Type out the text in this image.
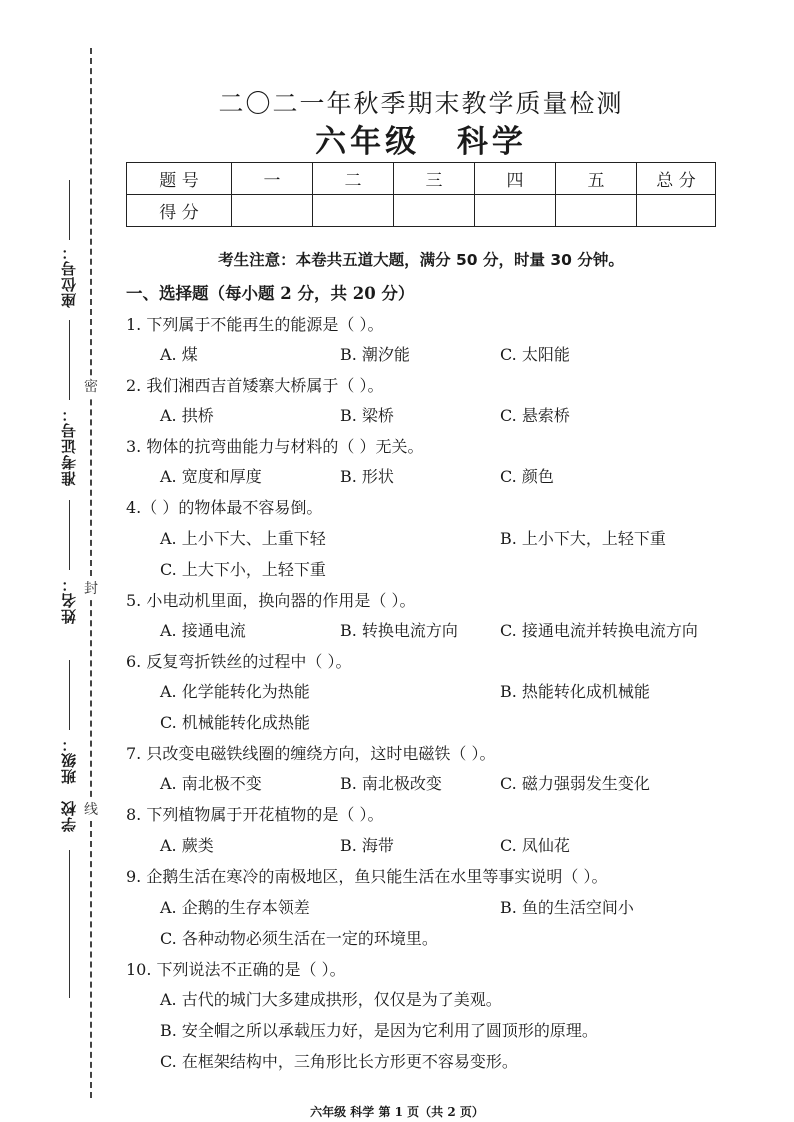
密
封
线
座位号：
准考证号：
姓名：
班级：
学校
二〇二一年秋季期末教学质量检测
六年级 科学
题 号	一	二	三	四	五	总 分
得 分						
考生注意：本卷共五道大题，满分 50 分，时量 30 分钟。
一、选择题（每小题 2 分，共 20 分）
1. 下列属于不能再生的能源是（ ）。
A. 煤	B. 潮汐能	C. 太阳能
2. 我们湘西吉首矮寨大桥属于（ ）。
A. 拱桥	B. 梁桥	C. 悬索桥
3. 物体的抗弯曲能力与材料的（ ）无关。
A. 宽度和厚度	B. 形状	C. 颜色
4.（ ）的物体最不容易倒。
A. 上小下大、上重下轻	B. 上小下大，上轻下重
C. 上大下小，上轻下重
5. 小电动机里面，换向器的作用是（ ）。
A. 接通电流	B. 转换电流方向	C. 接通电流并转换电流方向
6. 反复弯折铁丝的过程中（ ）。
A. 化学能转化为热能	B. 热能转化成机械能
C. 机械能转化成热能
7. 只改变电磁铁线圈的缠绕方向，这时电磁铁（ ）。
A. 南北极不变	B. 南北极改变	C. 磁力强弱发生变化
8. 下列植物属于开花植物的是（ ）。
A. 蕨类	B. 海带	C. 凤仙花
9. 企鹅生活在寒冷的南极地区，鱼只能生活在水里等事实说明（ ）。
A. 企鹅的生存本领差	B. 鱼的生活空间小
C. 各种动物必须生活在一定的环境里。
10. 下列说法不正确的是（ ）。
A. 古代的城门大多建成拱形，仅仅是为了美观。
B. 安全帽之所以承载压力好，是因为它利用了圆顶形的原理。
C. 在框架结构中，三角形比长方形更不容易变形。
六年级 科学 第 1 页（共 2 页）
